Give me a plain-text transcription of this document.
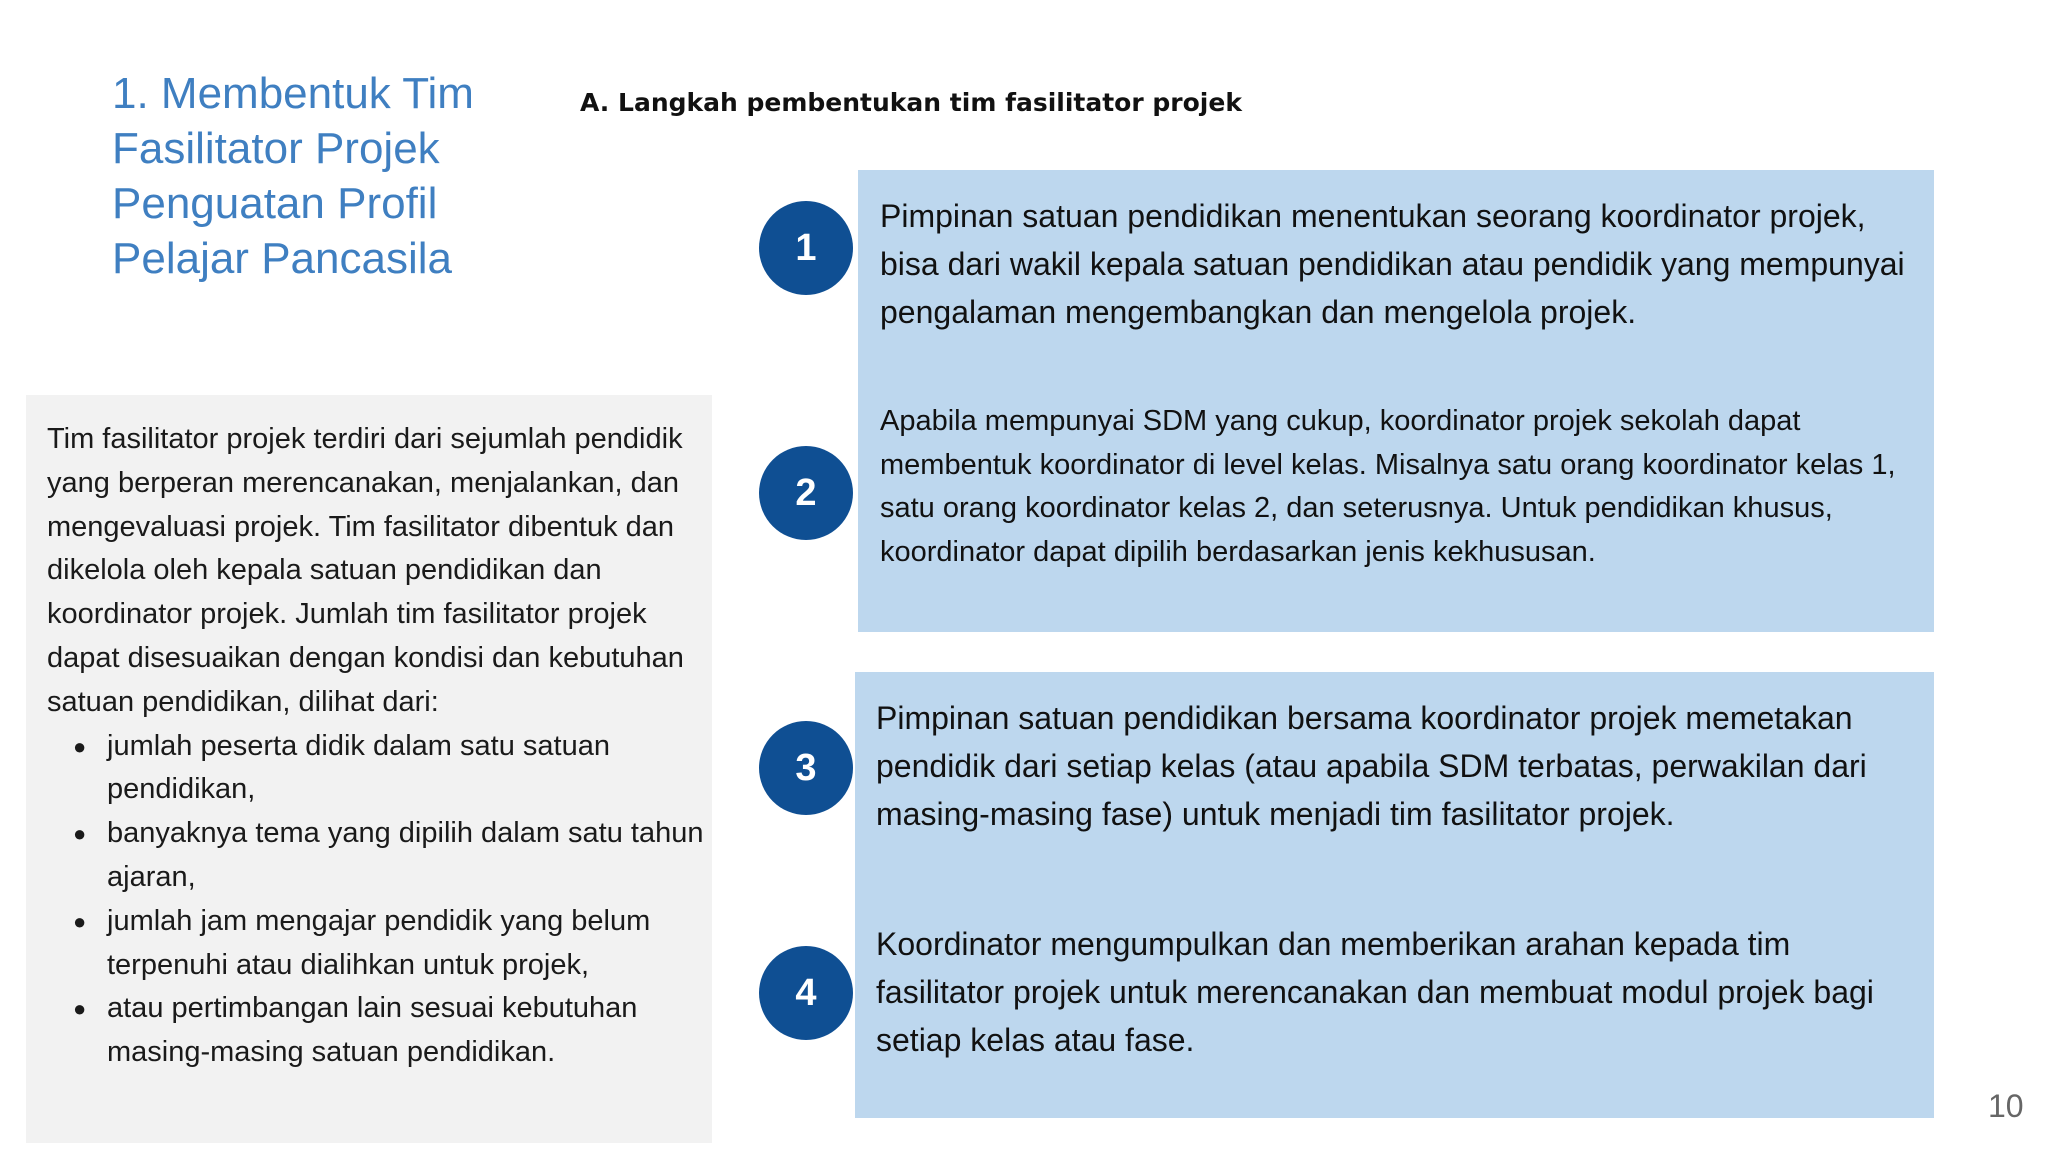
1. Membentuk Tim Fasilitator Projek Penguatan Profil Pelajar Pancasila
A. Langkah pembentukan tim fasilitator projek

Tim fasilitator projek terdiri dari sejumlah pendidik yang berperan merencanakan, menjalankan, dan mengevaluasi projek. Tim fasilitator dibentuk dan dikelola oleh kepala satuan pendidikan dan koordinator projek. Jumlah tim fasilitator projek dapat disesuaikan dengan kondisi dan kebutuhan satuan pendidikan, dilihat dari:

● jumlah peserta didik dalam satu satuan pendidikan,
● banyaknya tema yang dipilih dalam satu tahun ajaran,
● jumlah jam mengajar pendidik yang belum terpenuhi atau dialihkan untuk projek,
● atau pertimbangan lain sesuai kebutuhan masing-masing satuan pendidikan.
1

Pimpinan satuan pendidikan menentukan seorang koordinator projek, bisa dari wakil kepala satuan pendidikan atau pendidik yang mempunyai pengalaman mengembangkan dan mengelola projek.

2

Apabila mempunyai SDM yang cukup, koordinator projek sekolah dapat membentuk koordinator di level kelas. Misalnya satu orang koordinator kelas 1, satu orang koordinator kelas 2, dan seterusnya. Untuk pendidikan khusus, koordinator dapat dipilih berdasarkan jenis kekhususan.

3

Pimpinan satuan pendidikan bersama koordinator projek memetakan pendidik dari setiap kelas (atau apabila SDM terbatas, perwakilan dari masing-masing fase) untuk menjadi tim fasilitator projek.

4

Koordinator mengumpulkan dan memberikan arahan kepada tim fasilitator projek untuk merencanakan dan membuat modul projek bagi setiap kelas atau fase.

10
